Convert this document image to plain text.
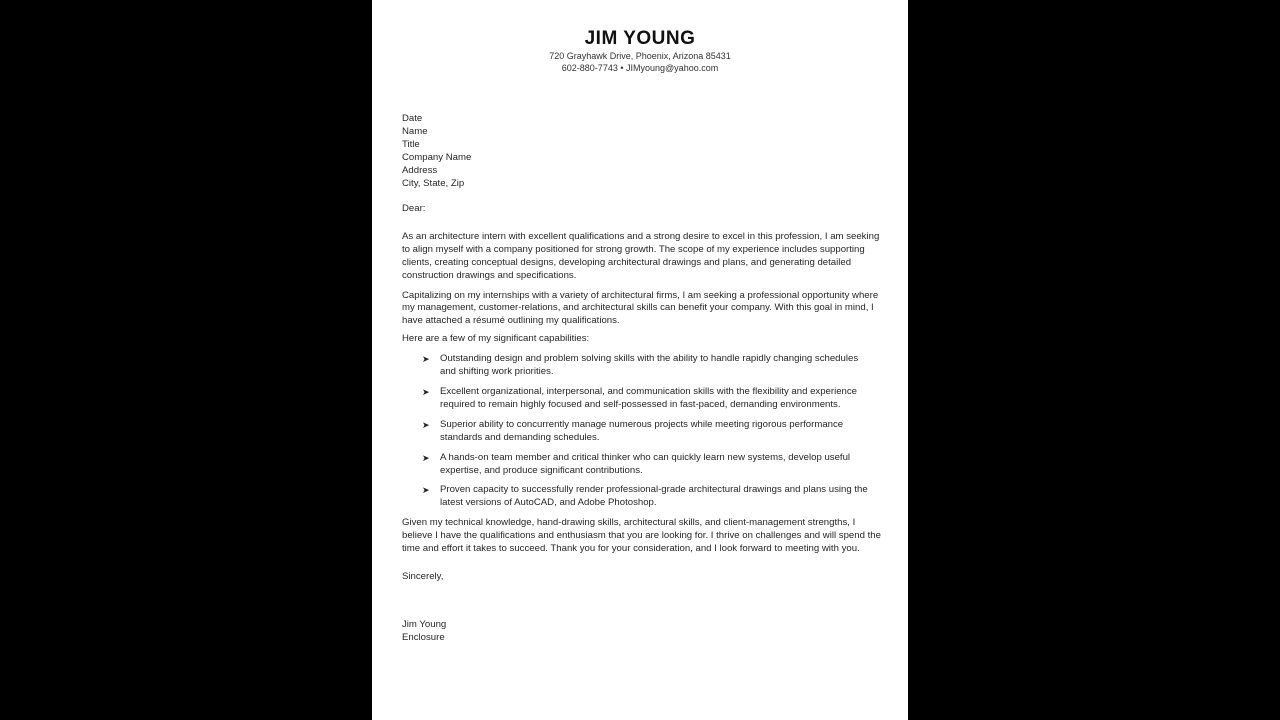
JIM YOUNG
720 Grayhawk Drive, Phoenix, Arizona 85431
602-880-7743 • JIMyoung@yahoo.com
Date
Name
Title
Company Name
Address
City, State, Zip
Dear:

As an architecture intern with excellent qualifications and a strong desire to excel in this profession, I am seeking to align myself with a company positioned for strong growth. The scope of my experience includes supporting clients, creating conceptual designs, developing architectural drawings and plans, and generating detailed construction drawings and specifications.

Capitalizing on my internships with a variety of architectural firms, I am seeking a professional opportunity where my management, customer-relations, and architectural skills can benefit your company. With this goal in mind, I have attached a résumé outlining my qualifications.

Here are a few of my significant capabilities:

➤ Outstanding design and problem solving skills with the ability to handle rapidly changing schedules and shifting work priorities.
➤ Excellent organizational, interpersonal, and communication skills with the flexibility and experience required to remain highly focused and self-possessed in fast-paced, demanding environments.
➤ Superior ability to concurrently manage numerous projects while meeting rigorous performance standards and demanding schedules.
➤ A hands-on team member and critical thinker who can quickly learn new systems, develop useful expertise, and produce significant contributions.
➤ Proven capacity to successfully render professional-grade architectural drawings and plans using the latest versions of AutoCAD, and Adobe Photoshop.

Given my technical knowledge, hand-drawing skills, architectural skills, and client-management strengths, I believe I have the qualifications and enthusiasm that you are looking for. I thrive on challenges and will spend the time and effort it takes to succeed. Thank you for your consideration, and I look forward to meeting with you.

Sincerely,
Jim Young
Enclosure
